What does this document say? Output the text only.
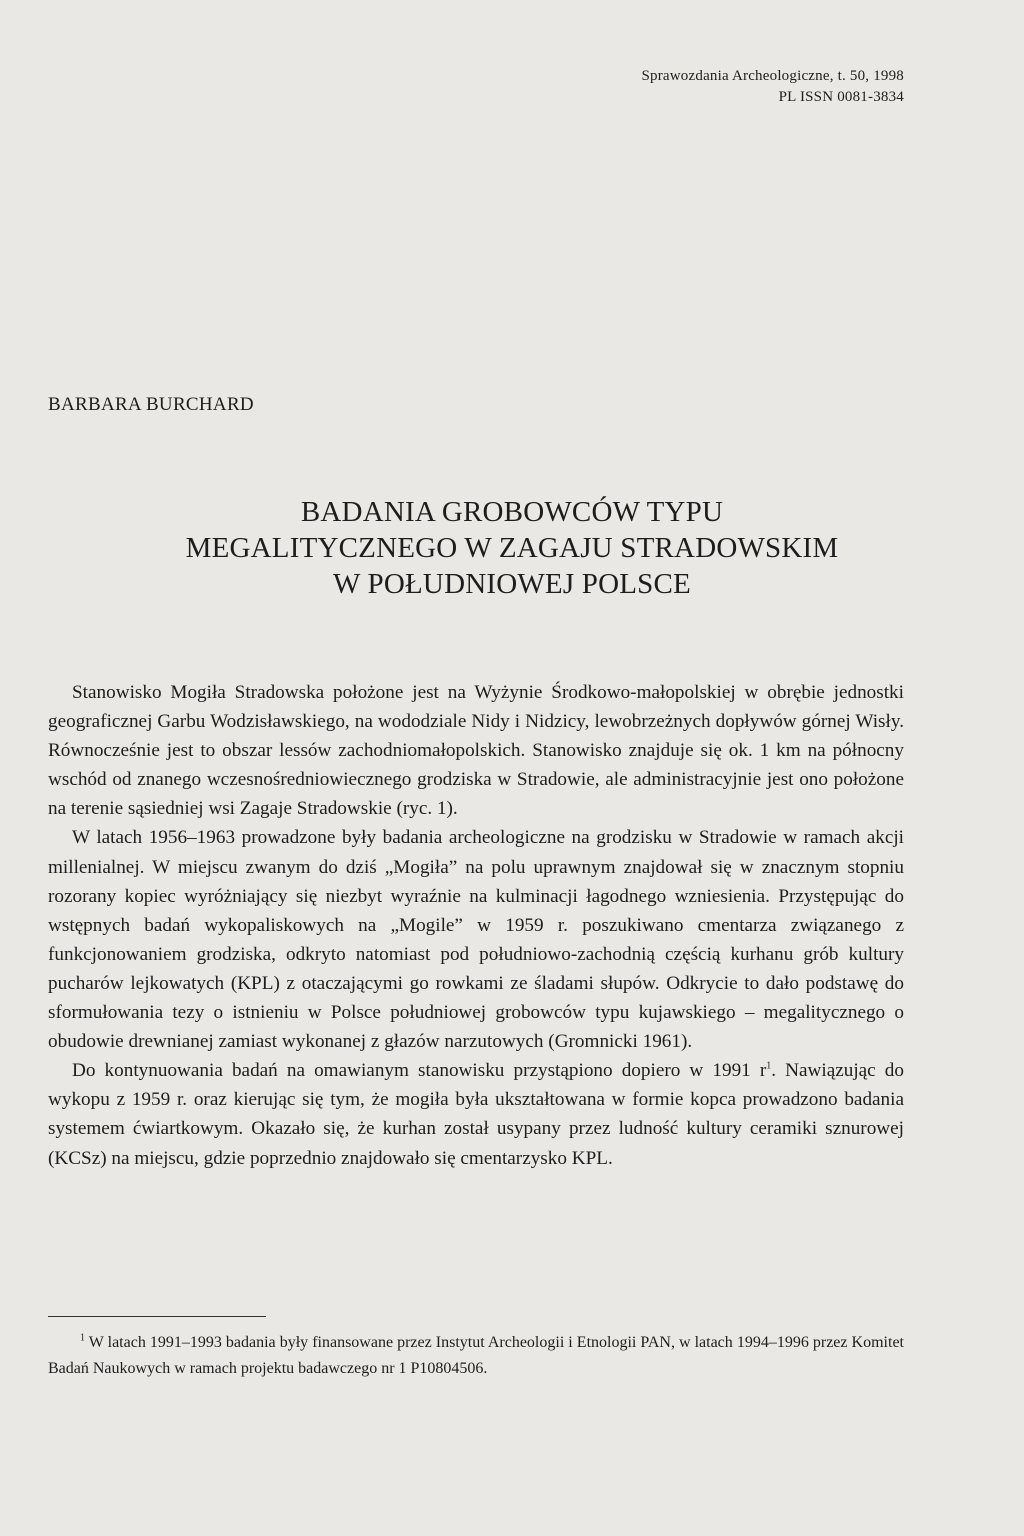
Sprawozdania Archeologiczne, t. 50, 1998
PL ISSN 0081-3834
BARBARA BURCHARD
BADANIA GROBOWCÓW TYPU
MEGALITYCZNEGO W ZAGAJU STRADOWSKIM
W POŁUDNIOWEJ POLSCE

Stanowisko Mogiła Stradowska położone jest na Wyżynie Środkowo-małopolskiej w obrębie jednostki geograficznej Garbu Wodzisławskiego, na wododziale Nidy i Nidzicy, lewobrzeżnych dopływów górnej Wisły. Równocześnie jest to obszar lessów zachodniomałopolskich. Stanowisko znajduje się ok. 1 km na północny wschód od znanego wczesnośredniowiecznego grodziska w Stradowie, ale administracyjnie jest ono położone na terenie sąsiedniej wsi Zagaje Stradowskie (ryc. 1).

W latach 1956–1963 prowadzone były badania archeologiczne na grodzisku w Stradowie w ramach akcji millenialnej. W miejscu zwanym do dziś „Mogiła” na polu uprawnym znajdował się w znacznym stopniu rozorany kopiec wyróżniający się niezbyt wyraźnie na kulminacji łagodnego wzniesienia. Przystępując do wstępnych badań wykopaliskowych na „Mogile” w 1959 r. poszukiwano cmentarza związanego z funkcjonowaniem grodziska, odkryto natomiast pod południowo-zachodnią częścią kurhanu grób kultury pucharów lejkowatych (KPL) z otaczającymi go rowkami ze śladami słupów. Odkrycie to dało podstawę do sformułowania tezy o istnieniu w Polsce południowej grobowców typu kujawskiego – megalitycznego o obudowie drewnianej zamiast wykonanej z głazów narzutowych (Gromnicki 1961).

Do kontynuowania badań na omawianym stanowisku przystąpiono dopiero w 1991 $r^1$. Nawiązując do wykopu z 1959 r. oraz kierując się tym, że mogiła była ukształtowana w formie kopca prowadzono badania systemem ćwiartkowym. Okazało się, że kurhan został usypany przez ludność kultury ceramiki sznurowej (KCSz) na miejscu, gdzie poprzednio znajdowało się cmentarzysko KPL.

$^1$ W latach 1991–1993 badania były finansowane przez Instytut Archeologii i Etnologii PAN, w latach 1994–1996 przez Komitet Badań Naukowych w ramach projektu badawczego nr 1 P10804506.
